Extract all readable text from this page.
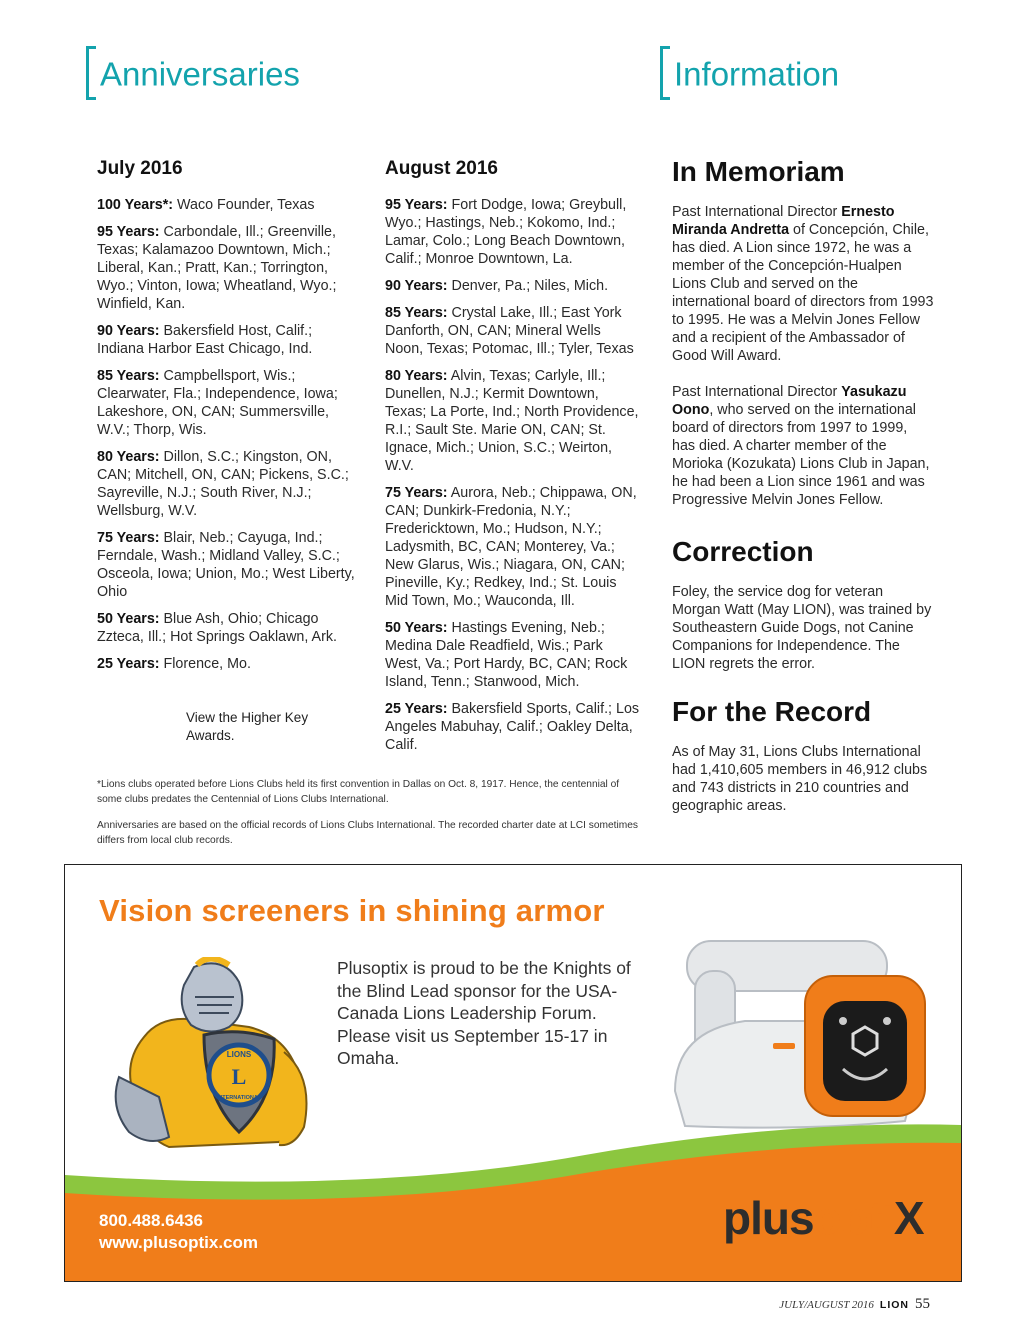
Anniversaries	Information
July 2016

100 Years*: Waco Founder, Texas

95 Years: Carbondale, Ill.; Greenville, Texas; Kalamazoo Downtown, Mich.; Liberal, Kan.; Pratt, Kan.; Torrington, Wyo.; Vinton, Iowa; Wheatland, Wyo.; Winfield, Kan.

90 Years: Bakersfield Host, Calif.; Indiana Harbor East Chicago, Ind.

85 Years: Campbellsport, Wis.; Clearwater, Fla.; Independence, Iowa; Lakeshore, ON, CAN; Summersville, W.V.; Thorp, Wis.

80 Years: Dillon, S.C.; Kingston, ON, CAN; Mitchell, ON, CAN; Pickens, S.C.; Sayreville, N.J.; South River, N.J.; Wellsburg, W.V.

75 Years: Blair, Neb.; Cayuga, Ind.; Ferndale, Wash.; Midland Valley, S.C.; Osceola, Iowa; Union, Mo.; West Liberty, Ohio

50 Years: Blue Ash, Ohio; Chicago Zzteca, Ill.; Hot Springs Oaklawn, Ark.

25 Years: Florence, Mo.

View the Higher Key Awards.
August 2016

95 Years: Fort Dodge, Iowa; Greybull, Wyo.; Hastings, Neb.; Kokomo, Ind.; Lamar, Colo.; Long Beach Downtown, Calif.; Monroe Downtown, La.

90 Years: Denver, Pa.; Niles, Mich.

85 Years: Crystal Lake, Ill.; East York Danforth, ON, CAN; Mineral Wells Noon, Texas; Potomac, Ill.; Tyler, Texas

80 Years: Alvin, Texas; Carlyle, Ill.; Dunellen, N.J.; Kermit Downtown, Texas; La Porte, Ind.; North Providence, R.I.; Sault Ste. Marie ON, CAN; St. Ignace, Mich.; Union, S.C.; Weirton, W.V.

75 Years: Aurora, Neb.; Chippawa, ON, CAN; Dunkirk-Fredonia, N.Y.; Fredericktown, Mo.; Hudson, N.Y.; Ladysmith, BC, CAN; Monterey, Va.; New Glarus, Wis.; Niagara, ON, CAN; Pineville, Ky.; Redkey, Ind.; St. Louis Mid Town, Mo.; Wauconda, Ill.

50 Years: Hastings Evening, Neb.; Medina Dale Readfield, Wis.; Park West, Va.; Port Hardy, BC, CAN; Rock Island, Tenn.; Stanwood, Mich.

25 Years: Bakersfield Sports, Calif.; Los Angeles Mabuhay, Calif.; Oakley Delta, Calif.

*Lions clubs operated before Lions Clubs held its first convention in Dallas on Oct. 8, 1917. Hence, the centennial of some clubs predates the Centennial of Lions Clubs International.
Anniversaries are based on the official records of Lions Clubs International. The recorded charter date at LCI sometimes differs from local club records.
In Memoriam

Past International Director Ernesto Miranda Andretta of Concepción, Chile, has died. A Lion since 1972, he was a member of the Concepción-Hualpen Lions Club and served on the international board of directors from 1993 to 1995. He was a Melvin Jones Fellow and a recipient of the Ambassador of Good Will Award.

Past International Director Yasukazu Oono, who served on the international board of directors from 1997 to 1999, has died. A charter member of the Morioka (Kozukata) Lions Club in Japan, he had been a Lion since 1961 and was Progressive Melvin Jones Fellow.

Correction

Foley, the service dog for veteran Morgan Watt (May LION), was trained by Southeastern Guide Dogs, not Canine Companions for Independence. The LION regrets the error.

For the Record

As of May 31, Lions Clubs International had 1,410,605 members in 46,912 clubs and 743 districts in 210 countries and geographic areas.

Vision screeners in shining armor
LIONS
L
INTERNATIONAL
Plusoptix is proud to be the Knights of the Blind Lead sponsor for the USA-Canada Lions Leadership Forum. Please visit us September 15-17 in Omaha.
800.488.6436
www.plusoptix.com	plusoptiX
JULY/AUGUST 2016 LION 55
